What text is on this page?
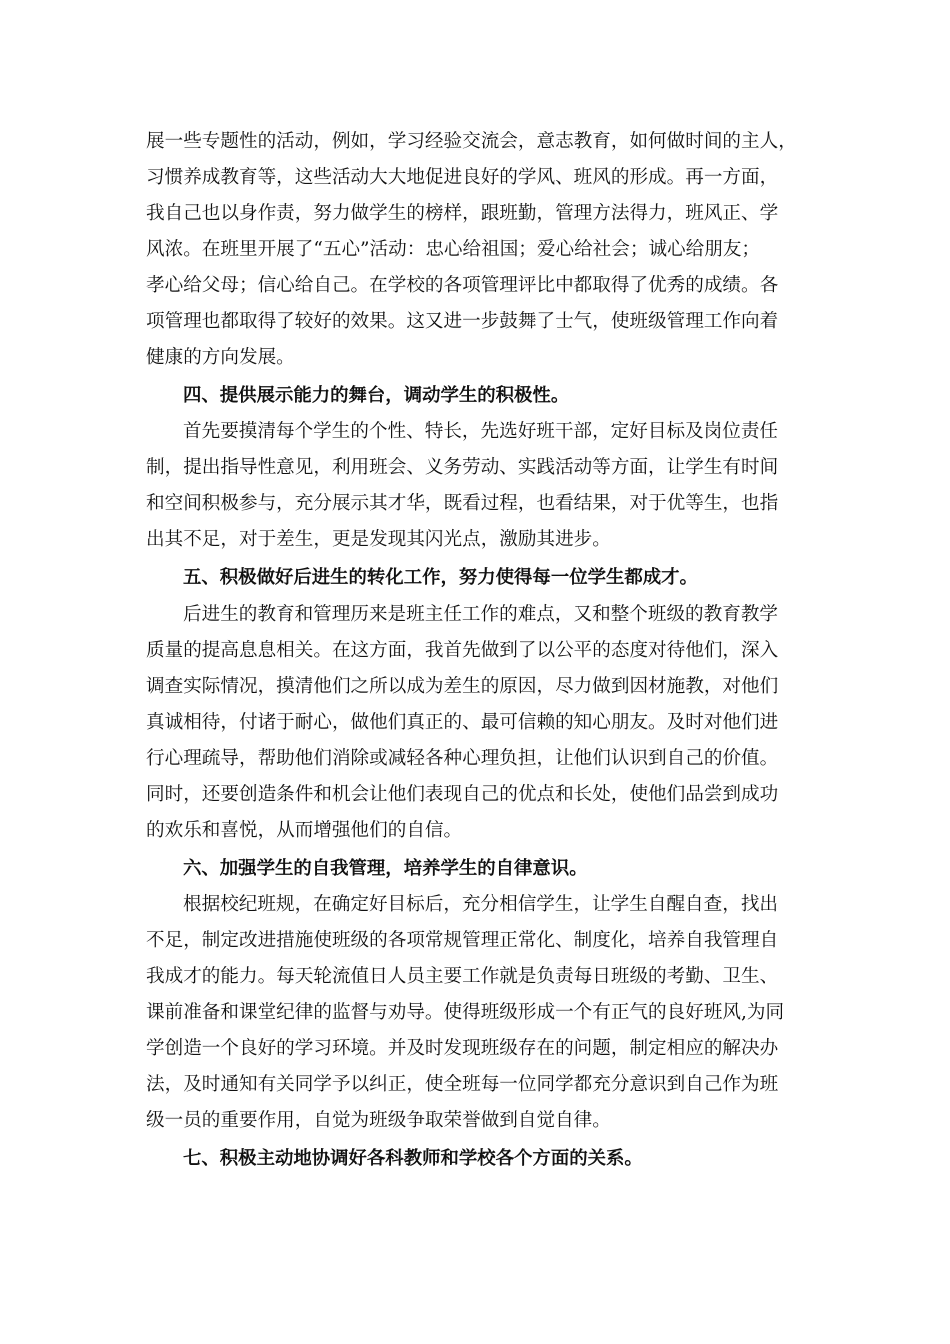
展一些专题性的活动，例如，学习经验交流会，意志教育，如何做时间的主人，
习惯养成教育等，这些活动大大地促进良好的学风、班风的形成。再一方面，
我自己也以身作责，努力做学生的榜样，跟班勤，管理方法得力，班风正、学
风浓。在班里开展了“五心”活动：忠心给祖国；爱心给社会；诚心给朋友；
孝心给父母；信心给自己。在学校的各项管理评比中都取得了优秀的成绩。各
项管理也都取得了较好的效果。这又进一步鼓舞了士气，使班级管理工作向着
健康的方向发展。
四、提供展示能力的舞台，调动学生的积极性。
首先要摸清每个学生的个性、特长，先选好班干部，定好目标及岗位责任
制，提出指导性意见，利用班会、义务劳动、实践活动等方面，让学生有时间
和空间积极参与，充分展示其才华，既看过程，也看结果，对于优等生，也指
出其不足，对于差生，更是发现其闪光点，激励其进步。
五、积极做好后进生的转化工作，努力使得每一位学生都成才。
后进生的教育和管理历来是班主任工作的难点，又和整个班级的教育教学
质量的提高息息相关。在这方面，我首先做到了以公平的态度对待他们，深入
调查实际情况，摸清他们之所以成为差生的原因，尽力做到因材施教，对他们
真诚相待，付诸于耐心，做他们真正的、最可信赖的知心朋友。及时对他们进
行心理疏导，帮助他们消除或减轻各种心理负担，让他们认识到自己的价值。
同时，还要创造条件和机会让他们表现自己的优点和长处，使他们品尝到成功
的欢乐和喜悦，从而增强他们的自信。
六、加强学生的自我管理，培养学生的自律意识。
根据校纪班规，在确定好目标后，充分相信学生，让学生自醒自查，找出
不足，制定改进措施使班级的各项常规管理正常化、制度化，培养自我管理自
我成才的能力。每天轮流值日人员主要工作就是负责每日班级的考勤、卫生、
课前准备和课堂纪律的监督与劝导。使得班级形成一个有正气的良好班风,为同
学创造一个良好的学习环境。并及时发现班级存在的问题，制定相应的解决办
法，及时通知有关同学予以纠正，使全班每一位同学都充分意识到自己作为班
级一员的重要作用，自觉为班级争取荣誉做到自觉自律。
七、积极主动地协调好各科教师和学校各个方面的关系。
